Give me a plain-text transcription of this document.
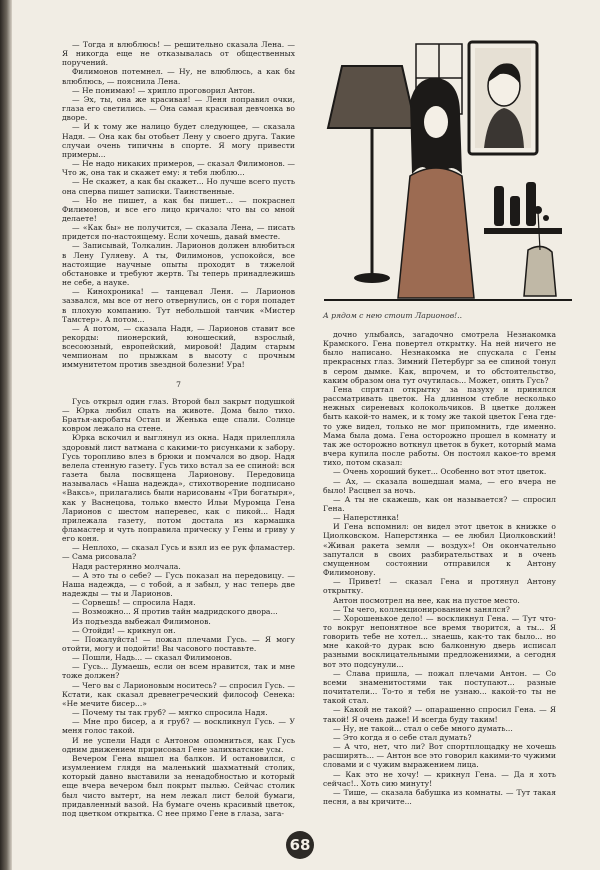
— Тогда я влюблюсь! — решительно сказала Лена. — Я никогда еще не отказывалась от общественных поручений.

Филимонов потемнел. — Ну, не влюблюсь, а как бы влюблюсь, — пояснила Лена.

— Не понимаю! — хрипло проговорил Антон.

— Эх, ты, она же красивая! — Леня поправил очки, глаза его светились. — Она самая красивая девчонка во дворе.

— И к тому же налицо будет следующее, — сказала Надя. — Она как бы отобьет Лену у своего друга. Такие случаи очень типичны в спорте. Я могу привести примеры...

— Не надо никаких примеров, — сказал Филимонов. — Что ж, она так и скажет ему: я тебя люблю...

— Не скажет, а как бы скажет... Но лучше всего пусть она сперва пишет записки. Таинственные.

— Но не пишет, а как бы пишет... — покраснел Филимонов, и все его лицо кричало: что вы со мной делаете!

— «Как бы» не получится, — сказала Лена, — писать придется по-настоящему. Если хочешь, давай вместе.

— Записывай, Толкалин. Ларионов должен влюбиться в Лену Гуляеву. А ты, Филимонов, успокойся, все настоящие научные опыты проходят в тяжелой обстановке и требуют жертв. Ты теперь принадлежишь не себе, а науке.

— Кинохроника! — танцевал Леня. — Ларионов зазвался, мы все от него отвернулись, он с горя попадет в плохую компанию. Тут небольшой танчик «Мистер Тамстер». А потом...

— А потом, — сказала Надя, — Ларионов ставит все рекорды: пионерский, юношеский, взрослый, всесоюзный, европейский, мировой! Дадим старым чемпионам по прыжкам в высоту с прочным иммунитетом против звездной болезни! Ура!

7

Гусь открыл один глаз. Второй был закрыт подушкой — Юрка любил спать на животе. Дома было тихо. Братья-акробаты Остап и Женька еще спали. Солнце ковром лежало на стене.

Юрка вскочил и выглянул из окна. Надя прилепляла здоровый лист ватмана с какими-то рисунками к забору. Гусь торопливо влез в брюки и помчался во двор. Надя велела стенную газету. Гусь тихо встал за ее спиной: вся газета была посвящена Ларионову. Передовица называлась «Наша надежда», стихотворение подписано «Ваксь», прилагались были нарисованы «Три богатыря», как у Васнецова, только вместо Ильи Муромца Гена Ларионов с шестом наперевес, как с пикой... Надя прилежала газету, потом достала из кармашка фламастер и чуть поправила прическу у Гены и гриву у его коня.

— Неплохо, — сказал Гусь и взял из ее рук фламастер. — Сама рисовала?

Надя растерянно молчала.

— А это ты о себе? — Гусь показал на передовицу. — Наша надежда, — с тобой, а я забыл, у нас теперь две надежды — ты и Ларионов.

— Сорвешь! — спросила Надя.

— Возможно... Я против тайн мадридского двора...

Из подъезда выбежал Филимонов.

— Отойди! — крикнул он.

— Пожалуйста! — пожал плечами Гусь. — Я могу отойти, могу и подойти! Вы часового поставьте.

— Пошли, Надь... — сказал Филимонов.

— Гусь... Думаешь, если он всем нравится, так и мне тоже должен?

— Чего вы с Ларионовым носитесь? — спросил Гусь. — Кстати, как сказал древнегреческий философ Сенека: «Не мечите бисер...»

— Почему ты так груб? — мягко спросила Надя.

— Мне про бисер, а я груб? — воскликнул Гусь. — У меня голос такой.

И не успели Надя с Антоном опомниться, как Гусь одним движением пририсовал Гене залихватские усы.

Вечером Гена вышел на балкон. И остановился, с изумлением глядя на маленький шахматный столик, который давно выставили за ненадобностью и который еще вчера вечером был покрыт пылью. Сейчас столик был чисто вытерт, на нем лежал лист белой бумаги, придавленный вазой. На бумаге очень красивый цветок, под цветком открытка. С нее прямо Гене в глаза, зага-

А рядом с нею стоит Ларионов!..

дочно улыбаясь, загадочно смотрела Незнакомка Крамского. Гена повертел открытку. На ней ничего не было написано. Незнакомка не спускала с Гены прекрасных глаз. Зимний Петербург за ее спиной тонул в сером дымке. Как, впрочем, и то обстоятельство, каким образом она тут очутилась... Может, опять Гусь?

Гена спрятал открытку за пазуху и принялся рассматривать цветок. На длинном стебле несколько нежных сиреневых колокольчиков. В цветке должен быть какой-то намек, и к тому же такой цветок Гена где-то уже видел, только не мог припомнить, где именно. Мама была дома. Гена осторожно прошел в комнату и так же осторожно воткнул цветок в букет, который мама вчера купила после работы. Он постоял какое-то время тихо, потом сказал:

— Очень хороший букет... Особенно вот этот цветок.

— Ах, — сказала вошедшая мама, — его вчера не было! Расцвел за ночь.

— А ты не скажешь, как он называется? — спросил Гена.

— Наперстянка!

И Гена вспомнил: он видел этот цветок в книжке о Циолковском. Наперстянка — ее любил Циолковский! «Живая ракета земля — воздух»! Он окончательно запутался в своих разбирательствах и в очень смущенном состоянии отправился к Антону Филимонову.

— Привет! — сказал Гена и протянул Антону открытку.

Антон посмотрел на нее, как на пустое место.

— Ты чего, коллекционированием занялся?

— Хорошенькое дело! — воскликнул Гена. — Тут что-то вокруг непонятное все время творится, а ты... Я говорить тебе не хотел... знаешь, как-то так было... но мне какой-то дурак всю балконную дверь исписал разными восклицательными предложениями, а сегодня вот это подсунули...

— Слава пришла, — пожал плечами Антон. — Со всеми знаменитостями так поступают... разные почитатели... То-то я тебя не узнаю... какой-то ты не такой стал.

— Какой не такой? — опарашенно спросил Гена. — Я такой! Я очень даже! И всегда буду таким!

— Ну, не такой... стал о себе много думать...

— Это когда я о себе стал думать?

— А что, нет, что ли? Вот спортплощадку не хочешь расширять... — Антон все это говорил какими-то чужими словами и с чужим выражением лица.

— Как это не хочу! — крикнул Гена. — Да я хоть сейчас!.. Хоть сию минуту!

— Тише, — сказала бабушка из комнаты. — Тут такая песня, а вы кричите...

68
